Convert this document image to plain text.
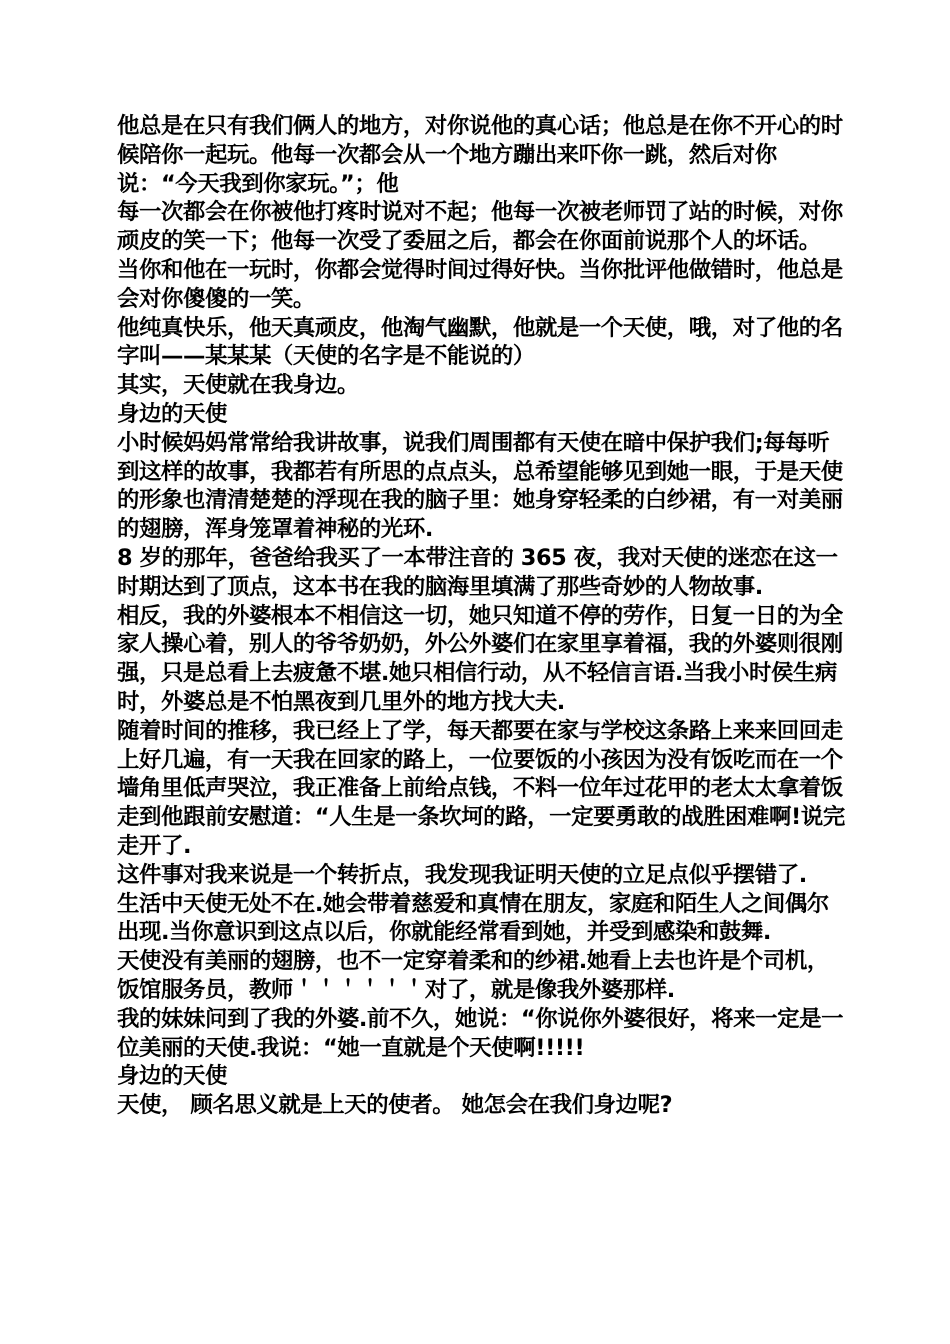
他总是在只有我们俩人的地方，对你说他的真心话；他总是在你不开心的时候陪你一起玩。他每一次都会从一个地方蹦出来吓你一跳，然后对你说：“今天我到你家玩。”；他

每一次都会在你被他打疼时说对不起；他每一次被老师罚了站的时候，对你顽皮的笑一下；他每一次受了委屈之后，都会在你面前说那个人的坏话。

当你和他在一玩时，你都会觉得时间过得好快。当你批评他做错时，他总是会对你傻傻的一笑。

他纯真快乐，他天真顽皮，他淘气幽默，他就是一个天使，哦，对了他的名字叫——某某某（天使的名字是不能说的）

其实，天使就在我身边。

身边的天使

小时候妈妈常常给我讲故事，说我们周围都有天使在暗中保护我们;每每听到这样的故事，我都若有所思的点点头，总希望能够见到她一眼，于是天使的形象也清清楚楚的浮现在我的脑子里：她身穿轻柔的白纱裙，有一对美丽的翅膀，浑身笼罩着神秘的光环.

8 岁的那年，爸爸给我买了一本带注音的 365 夜，我对天使的迷恋在这一时期达到了顶点，这本书在我的脑海里填满了那些奇妙的人物故事.

相反，我的外婆根本不相信这一切，她只知道不停的劳作，日复一日的为全家人操心着，别人的爷爷奶奶，外公外婆们在家里享着福，我的外婆则很刚强，只是总看上去疲惫不堪.她只相信行动，从不轻信言语.当我小时侯生病时，外婆总是不怕黑夜到几里外的地方找大夫.

随着时间的推移，我已经上了学，每天都要在家与学校这条路上来来回回走上好几遍，有一天我在回家的路上，一位要饭的小孩因为没有饭吃而在一个墙角里低声哭泣，我正准备上前给点钱，不料一位年过花甲的老太太拿着饭走到他跟前安慰道：“人生是一条坎坷的路，一定要勇敢的战胜困难啊!说完走开了.

这件事对我来说是一个转折点，我发现我证明天使的立足点似乎摆错了.

生活中天使无处不在.她会带着慈爱和真情在朋友，家庭和陌生人之间偶尔出现.当你意识到这点以后，你就能经常看到她，并受到感染和鼓舞.

天使没有美丽的翅膀，也不一定穿着柔和的纱裙.她看上去也许是个司机，饭馆服务员，教师＇＇＇＇＇＇对了，就是像我外婆那样.

我的妹妹问到了我的外婆.前不久，她说：“你说你外婆很好，将来一定是一位美丽的天使.我说：“她一直就是个天使啊!!!!!

身边的天使

天使， 顾名思义就是上天的使者。 她怎会在我们身边呢?
